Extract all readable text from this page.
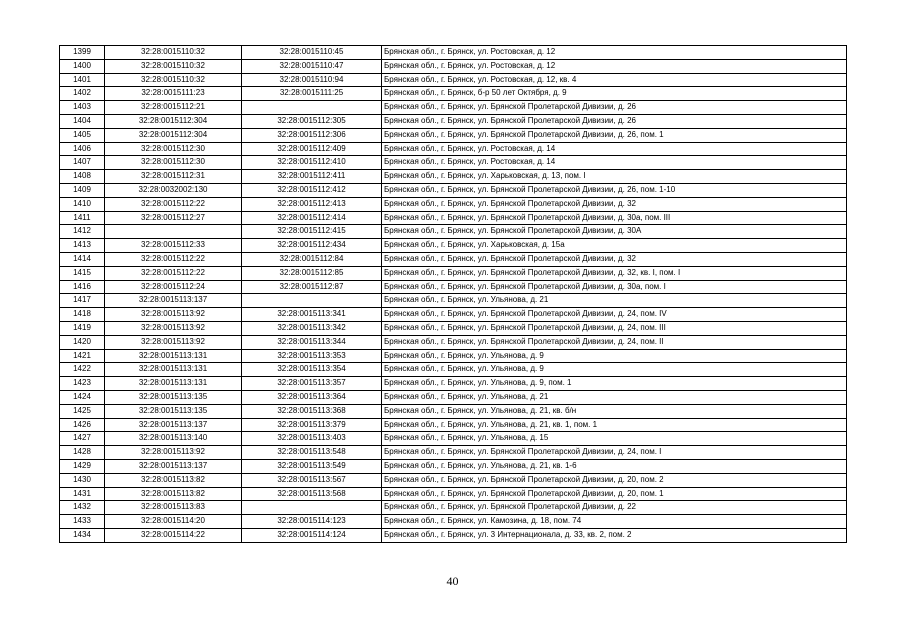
1399	32:28:0015110:32	32:28:0015110:45	Брянская обл., г. Брянск, ул. Ростовская, д. 12
1400	32:28:0015110:32	32:28:0015110:47	Брянская обл., г. Брянск, ул. Ростовская, д. 12
1401	32:28:0015110:32	32:28:0015110:94	Брянская обл., г. Брянск, ул. Ростовская, д. 12, кв. 4
1402	32:28:0015111:23	32:28:0015111:25	Брянская обл., г. Брянск, б-р 50 лет Октября, д. 9
1403	32:28:0015112:21		Брянская обл., г. Брянск, ул. Брянской Пролетарской Дивизии, д. 26
1404	32:28:0015112:304	32:28:0015112:305	Брянская обл., г. Брянск, ул. Брянской Пролетарской Дивизии, д. 26
1405	32:28:0015112:304	32:28:0015112:306	Брянская обл., г. Брянск, ул. Брянской Пролетарской Дивизии, д. 26, пом. 1
1406	32:28:0015112:30	32:28:0015112:409	Брянская обл., г. Брянск, ул. Ростовская, д. 14
1407	32:28:0015112:30	32:28:0015112:410	Брянская обл., г. Брянск, ул. Ростовская, д. 14
1408	32:28:0015112:31	32:28:0015112:411	Брянская обл., г. Брянск, ул. Харьковская, д. 13, пом. I
1409	32:28:0032002:130	32:28:0015112:412	Брянская обл., г. Брянск, ул. Брянской Пролетарской Дивизии, д. 26, пом. 1-10
1410	32:28:0015112:22	32:28:0015112:413	Брянская обл., г. Брянск, ул. Брянской Пролетарской Дивизии, д. 32
1411	32:28:0015112:27	32:28:0015112:414	Брянская обл., г. Брянск, ул. Брянской Пролетарской Дивизии, д. 30а, пом. III
1412		32:28:0015112:415	Брянская обл., г. Брянск, ул. Брянской Пролетарской Дивизии, д. 30А
1413	32:28:0015112:33	32:28:0015112:434	Брянская обл., г. Брянск, ул. Харьковская, д. 15а
1414	32:28:0015112:22	32:28:0015112:84	Брянская обл., г. Брянск, ул. Брянской Пролетарской Дивизии, д. 32
1415	32:28:0015112:22	32:28:0015112:85	Брянская обл., г. Брянск, ул. Брянской Пролетарской Дивизии, д. 32, кв. I, пом. I
1416	32:28:0015112:24	32:28:0015112:87	Брянская обл., г. Брянск, ул. Брянской Пролетарской Дивизии, д. 30а, пом. I
1417	32:28:0015113:137		Брянская обл., г. Брянск, ул. Ульянова, д. 21
1418	32:28:0015113:92	32:28:0015113:341	Брянская обл., г. Брянск, ул. Брянской Пролетарской Дивизии, д. 24, пом. IV
1419	32:28:0015113:92	32:28:0015113:342	Брянская обл., г. Брянск, ул. Брянской Пролетарской Дивизии, д. 24, пом. III
1420	32:28:0015113:92	32:28:0015113:344	Брянская обл., г. Брянск, ул. Брянской Пролетарской Дивизии, д. 24, пом. II
1421	32:28:0015113:131	32:28:0015113:353	Брянская обл., г. Брянск, ул. Ульянова, д. 9
1422	32:28:0015113:131	32:28:0015113:354	Брянская обл., г. Брянск, ул. Ульянова, д. 9
1423	32:28:0015113:131	32:28:0015113:357	Брянская обл., г. Брянск, ул. Ульянова, д. 9, пом. 1
1424	32:28:0015113:135	32:28:0015113:364	Брянская обл., г. Брянск, ул. Ульянова, д. 21
1425	32:28:0015113:135	32:28:0015113:368	Брянская обл., г. Брянск, ул. Ульянова, д. 21, кв. б/н
1426	32:28:0015113:137	32:28:0015113:379	Брянская обл., г. Брянск, ул. Ульянова, д. 21, кв. 1, пом. 1
1427	32:28:0015113:140	32:28:0015113:403	Брянская обл., г. Брянск, ул. Ульянова, д. 15
1428	32:28:0015113:92	32:28:0015113:548	Брянская обл., г. Брянск, ул. Брянской Пролетарской Дивизии, д. 24, пом. I
1429	32:28:0015113:137	32:28:0015113:549	Брянская обл., г. Брянск, ул. Ульянова, д. 21, кв. 1-6
1430	32:28:0015113:82	32:28:0015113:567	Брянская обл., г. Брянск, ул. Брянской Пролетарской Дивизии, д. 20, пом. 2
1431	32:28:0015113:82	32:28:0015113:568	Брянская обл., г. Брянск, ул. Брянской Пролетарской Дивизии, д. 20, пом. 1
1432	32:28:0015113:83		Брянская обл., г. Брянск, ул. Брянской Пролетарской Дивизии, д. 22
1433	32:28:0015114:20	32:28:0015114:123	Брянская обл., г. Брянск, ул. Камозина, д. 18, пом. 74
1434	32:28:0015114:22	32:28:0015114:124	Брянская обл., г. Брянск, ул. 3 Интернационала, д. 33, кв. 2, пом. 2
40
